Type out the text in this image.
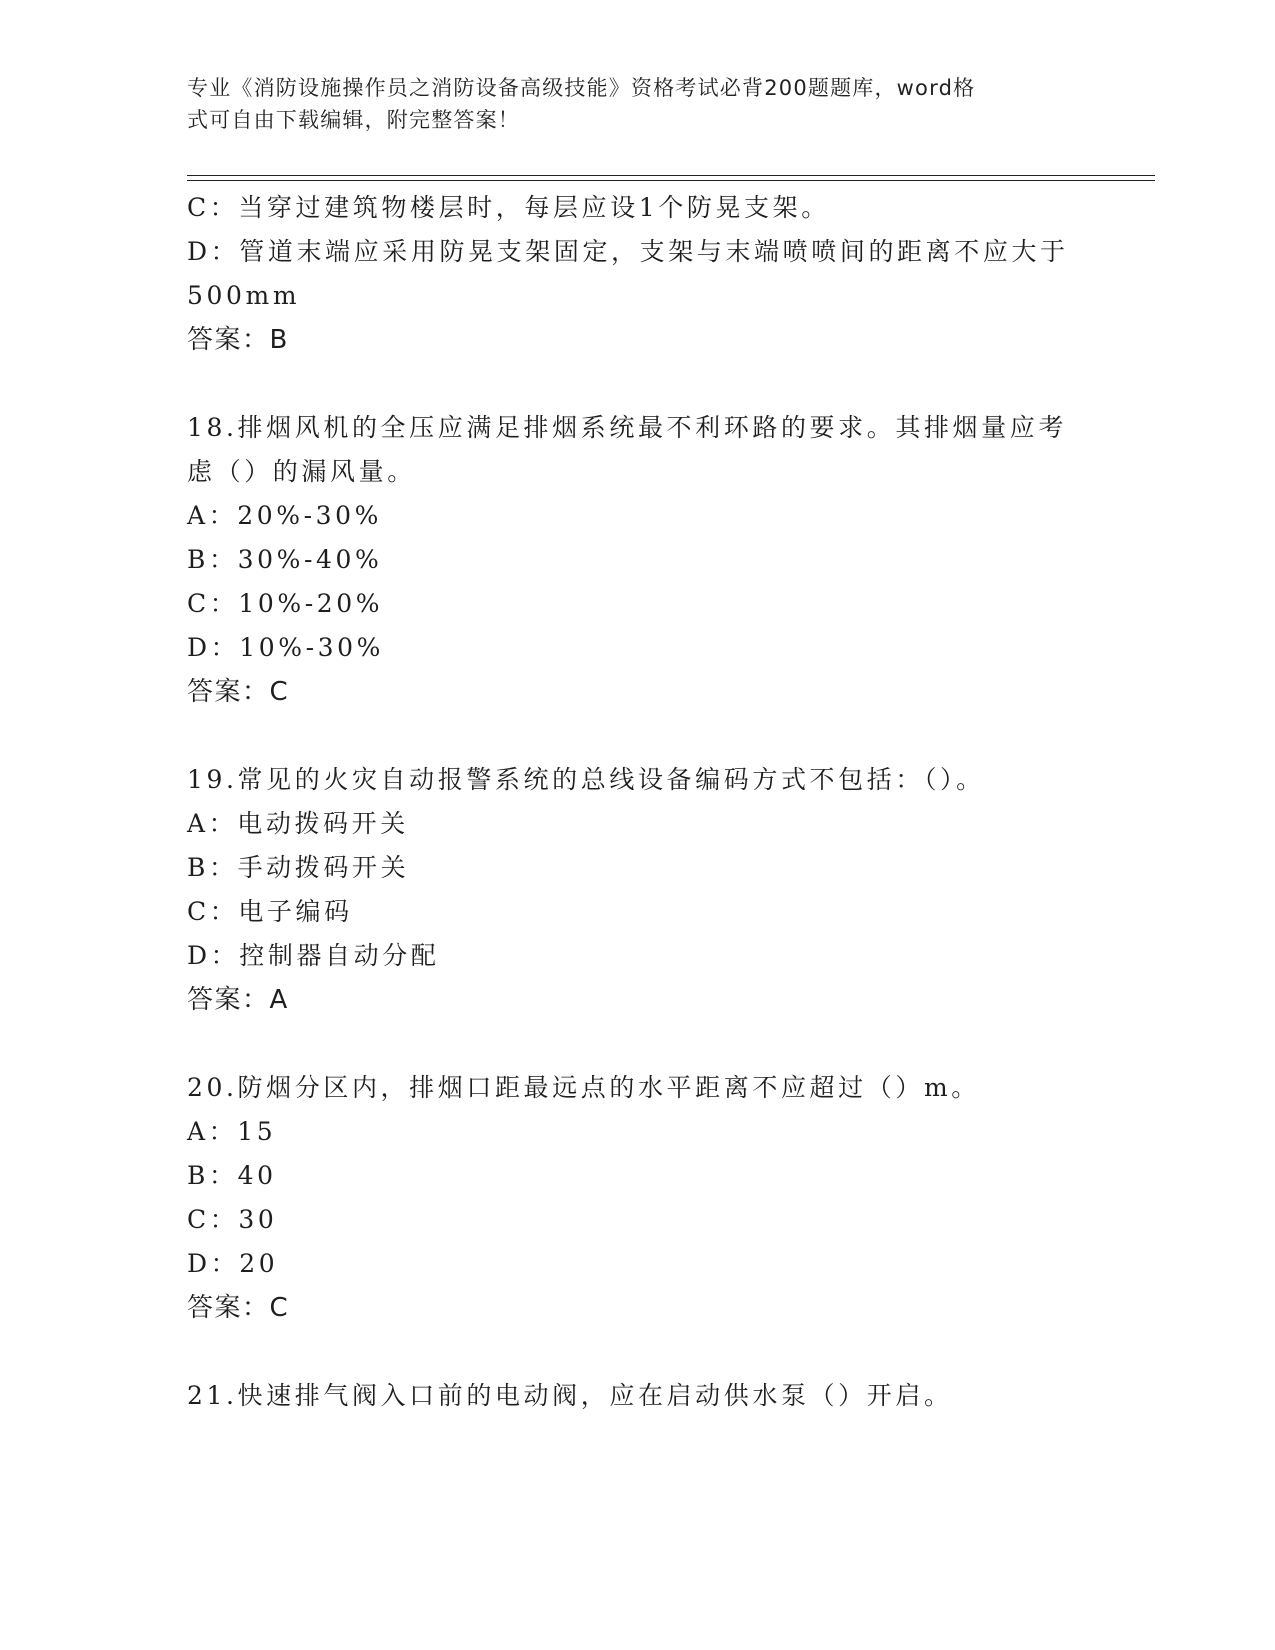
专业《消防设施操作员之消防设备高级技能》资格考试必背200题题库，word格
式可自由下载编辑，附完整答案！
C：当穿过建筑物楼层时，每层应设1个防晃支架。
D：管道末端应采用防晃支架固定，支架与末端喷喷间的距离不应大于
500mm
答案：B
18.排烟风机的全压应满足排烟系统最不利环路的要求。其排烟量应考
虑（）的漏风量。
A：20%-30%
B：30%-40%
C：10%-20%
D：10%-30%
答案：C
19.常见的火灾自动报警系统的总线设备编码方式不包括：（）。
A：电动拨码开关
B：手动拨码开关
C：电子编码
D：控制器自动分配
答案：A
20.防烟分区内，排烟口距最远点的水平距离不应超过（）m。
A：15
B：40
C：30
D：20
答案：C
21.快速排气阀入口前的电动阀，应在启动供水泵（）开启。
